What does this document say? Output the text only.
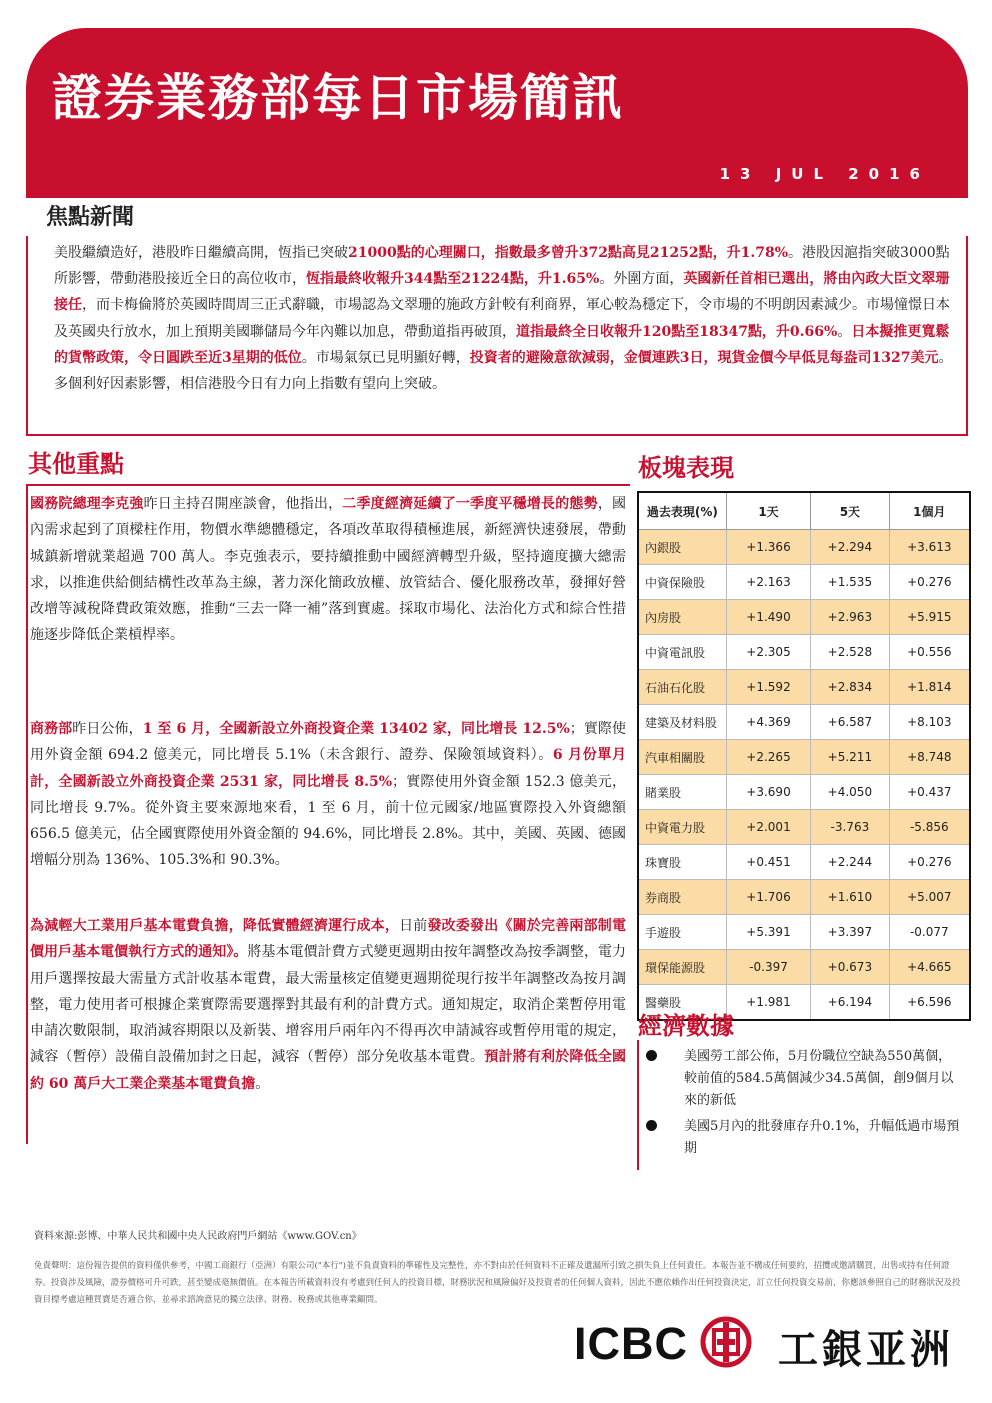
證券業務部每日市場簡訊
13 JUL 2016
焦點新聞

美股繼續造好，港股昨日繼續高開，恆指已突破21000點的心理關口，指數最多曾升372點高見21252點，升1.78%。港股因滬指突破3000點所影響，帶動港股接近全日的高位收市，恆指最終收報升344點至21224點，升1.65%。外圍方面，英國新任首相已選出，將由內政大臣文翠珊接任，而卡梅倫將於英國時間周三正式辭職，市場認為文翠珊的施政方針較有利商界，軍心較為穩定下，令市場的不明朗因素減少。市場憧憬日本及英國央行放水，加上預期美國聯儲局今年內難以加息，帶動道指再破頂，道指最終全日收報升120點至18347點，升0.66%。日本擬推更寬鬆的貨幣政策，令日圓跌至近3星期的低位。市場氣氛已見明顯好轉，投資者的避險意欲減弱，金價連跌3日，現貨金價今早低見每盎司1327美元。多個利好因素影響，相信港股今日有力向上指數有望向上突破。

其他重點

國務院總理李克強昨日主持召開座談會，他指出，二季度經濟延續了一季度平穩增長的態勢，國內需求起到了頂樑柱作用，物價水準總體穩定，各項改革取得積極進展，新經濟快速發展，帶動城鎮新增就業超過 700 萬人。李克強表示，要持續推動中國經濟轉型升級，堅持適度擴大總需求，以推進供給側結構性改革為主線，著力深化簡政放權、放管結合、優化服務改革，發揮好營改增等減稅降費政策效應，推動“三去一降一補”落到實處。採取市場化、法治化方式和綜合性措施逐步降低企業槓桿率。

商務部昨日公佈，1 至 6 月，全國新設立外商投資企業 13402 家，同比增長 12.5%；實際使用外資金額 694.2 億美元，同比增長 5.1%（未含銀行、證券、保險領域資料）。6 月份單月計，全國新設立外商投資企業 2531 家，同比增長 8.5%；實際使用外資金額 152.3 億美元，同比增長 9.7%。從外資主要來源地來看，1 至 6 月，前十位元國家/地區實際投入外資總額 656.5 億美元，佔全國實際使用外資金額的 94.6%，同比增長 2.8%。其中，美國、英國、德國增幅分別為 136%、105.3%和 90.3%。

為減輕大工業用戶基本電費負擔，降低實體經濟運行成本，日前發改委發出《關於完善兩部制電價用戶基本電價執行方式的通知》。將基本電價計費方式變更週期由按年調整改為按季調整，電力用戶選擇按最大需量方式計收基本電費，最大需量核定值變更週期從現行按半年調整改為按月調整，電力使用者可根據企業實際需要選擇對其最有利的計費方式。通知規定，取消企業暫停用電申請次數限制，取消減容期限以及新裝、增容用戶兩年內不得再次申請減容或暫停用電的規定，減容（暫停）設備自設備加封之日起，減容（暫停）部分免收基本電費。預計將有利於降低全國約 60 萬戶大工業企業基本電費負擔。

板塊表現
過去表現(%)	1天	5天	1個月
內銀股	+1.366	+2.294	+3.613
中資保險股	+2.163	+1.535	+0.276
內房股	+1.490	+2.963	+5.915
中資電訊股	+2.305	+2.528	+0.556
石油石化股	+1.592	+2.834	+1.814
建築及材料股	+4.369	+6.587	+8.103
汽車相關股	+2.265	+5.211	+8.748
賭業股	+3.690	+4.050	+0.437
中資電力股	+2.001	-3.763	-5.856
珠寶股	+0.451	+2.244	+0.276
券商股	+1.706	+1.610	+5.007
手遊股	+5.391	+3.397	-0.077
環保能源股	-0.397	+0.673	+4.665
醫藥股	+1.981	+6.194	+6.596
經濟數據
美國勞工部公佈，5月份職位空缺為550萬個，較前值的584.5萬個減少34.5萬個，創9個月以來的新低
美國5月內的批發庫存升0.1%，升幅低過市場預期

資料來源:彭博、中華人民共和國中央人民政府門戶網站《www.GOV.cn》

免責聲明：這份報告提供的資料僅供參考，中國工商銀行（亞洲）有限公司("本行")並不負責資料的準確性及完整性，亦不對由於任何資料不正確及遺漏所引致之損失負上任何責任。本報告並不構成任何要約，招攬或邀請購買，出售或持有任何證券。投資涉及風險，證券價格可升可跌，甚至變成毫無價值。在本報告所載資料沒有考慮到任何人的投資目標，財務狀況和風險偏好及投資者的任何個人資料，因此不應依賴作出任何投資決定，訂立任何投資交易前，你應該參照自己的財務狀況及投資目標考慮這種買賣是否適合你，並尋求諮詢意見的獨立法律、財務、稅務或其他專業顧問。

ICBC 工銀亚洲
